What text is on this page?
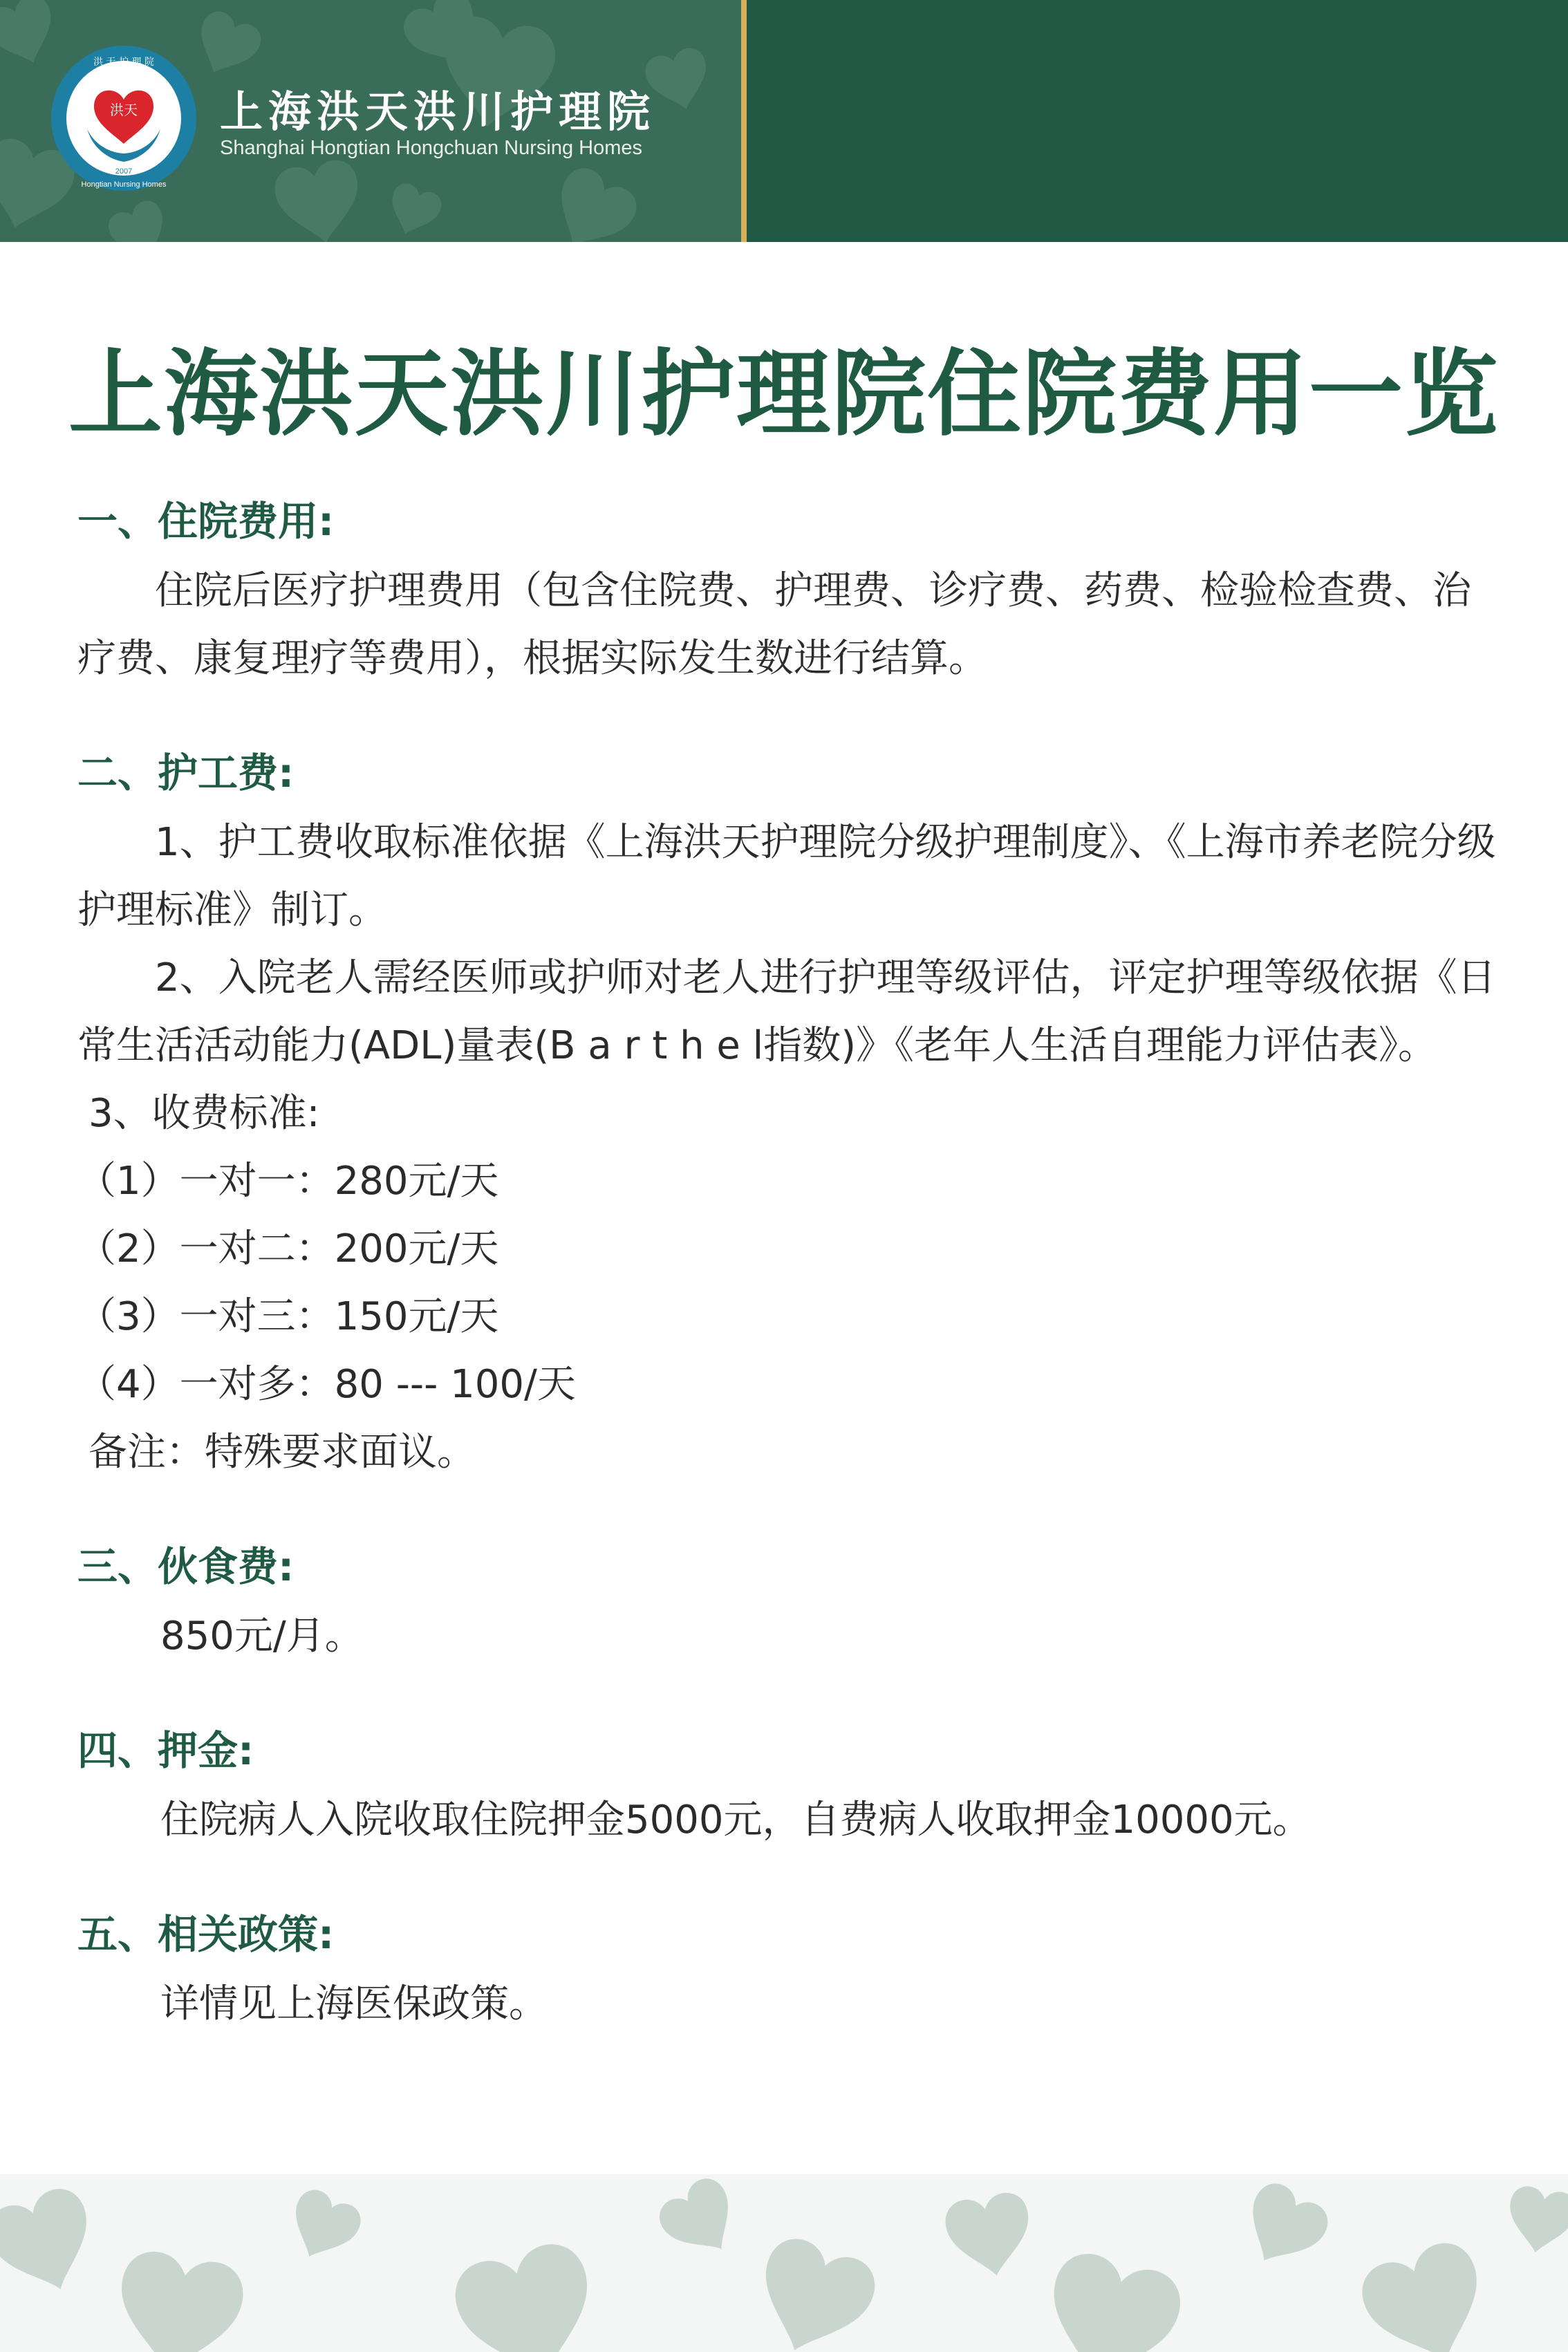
洪天
2007
洪 天 护 理 院
Hongtian Nursing Homes
上海洪天洪川护理院
Shanghai Hongtian Hongchuan Nursing Homes
上海洪天洪川护理院住院费用一览
一、住院费用:

住院后医疗护理费用（包含住院费、护理费、诊疗费、药费、检验检查费、治疗费、康复理疗等费用），根据实际发生数进行结算。

二、护工费:

1、护工费收取标准依据《上海洪天护理院分级护理制度》、《上海市养老院分级护理标准》制订。

2、入院老人需经医师或护师对老人进行护理等级评估，评定护理等级依据《日常生活活动能力(ADL)量表(B a r t h e l指数)》《老年人生活自理能力评估表》。

3、收费标准:

（1）一对一：280元/天

（2）一对二：200元/天

（3）一对三：150元/天

（4）一对多：80 --- 100/天

备注：特殊要求面议。

三、伙食费:

850元/月。

四、押金:

住院病人入院收取住院押金5000元，自费病人收取押金10000元。

五、相关政策:

详情见上海医保政策。
